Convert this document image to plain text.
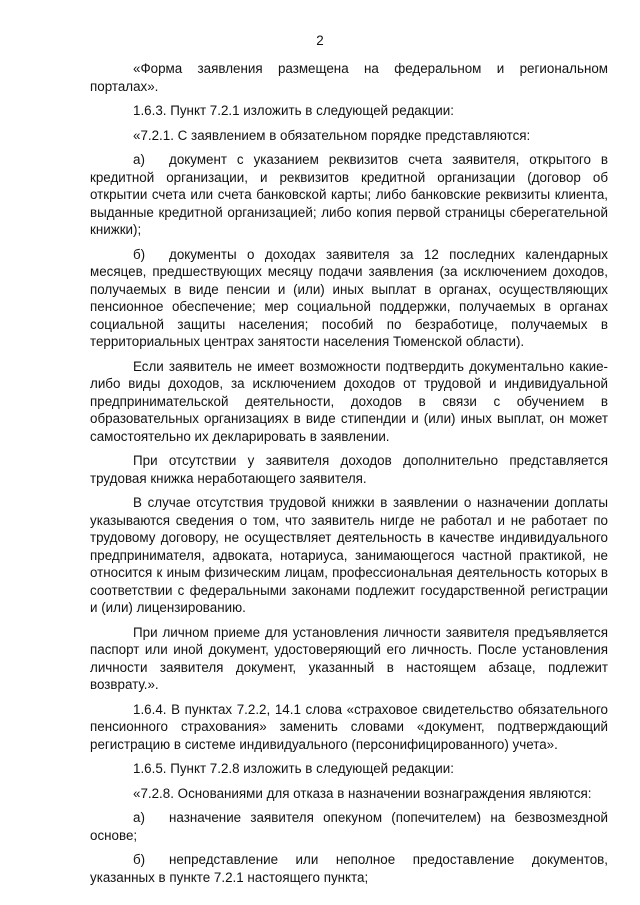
2

«Форма заявления размещена на федеральном и региональном порталах».

1.6.3. Пункт 7.2.1 изложить в следующей редакции:

«7.2.1. С заявлением в обязательном порядке представляются:

а) документ с указанием реквизитов счета заявителя, открытого в кредитной организации, и реквизитов кредитной организации (договор об открытии счета или счета банковской карты; либо банковские реквизиты клиента, выданные кредитной организацией; либо копия первой страницы сберегательной книжки);

б) документы о доходах заявителя за 12 последних календарных месяцев, предшествующих месяцу подачи заявления (за исключением доходов, получаемых в виде пенсии и (или) иных выплат в органах, осуществляющих пенсионное обеспечение; мер социальной поддержки, получаемых в органах социальной защиты населения; пособий по безработице, получаемых в территориальных центрах занятости населения Тюменской области).

Если заявитель не имеет возможности подтвердить документально какие-либо виды доходов, за исключением доходов от трудовой и индивидуальной предпринимательской деятельности, доходов в связи с обучением в образовательных организациях в виде стипендии и (или) иных выплат, он может самостоятельно их декларировать в заявлении.

При отсутствии у заявителя доходов дополнительно представляется трудовая книжка неработающего заявителя.

В случае отсутствия трудовой книжки в заявлении о назначении доплаты указываются сведения о том, что заявитель нигде не работал и не работает по трудовому договору, не осуществляет деятельность в качестве индивидуального предпринимателя, адвоката, нотариуса, занимающегося частной практикой, не относится к иным физическим лицам, профессиональная деятельность которых в соответствии с федеральными законами подлежит государственной регистрации и (или) лицензированию.

При личном приеме для установления личности заявителя предъявляется паспорт или иной документ, удостоверяющий его личность. После установления личности заявителя документ, указанный в настоящем абзаце, подлежит возврату.».

1.6.4. В пунктах 7.2.2, 14.1 слова «страховое свидетельство обязательного пенсионного страхования» заменить словами «документ, подтверждающий регистрацию в системе индивидуального (персонифицированного) учета».

1.6.5. Пункт 7.2.8 изложить в следующей редакции:

«7.2.8. Основаниями для отказа в назначении вознаграждения являются:

а) назначение заявителя опекуном (попечителем) на безвозмездной основе;

б) непредставление или неполное предоставление документов, указанных в пункте 7.2.1 настоящего пункта;
